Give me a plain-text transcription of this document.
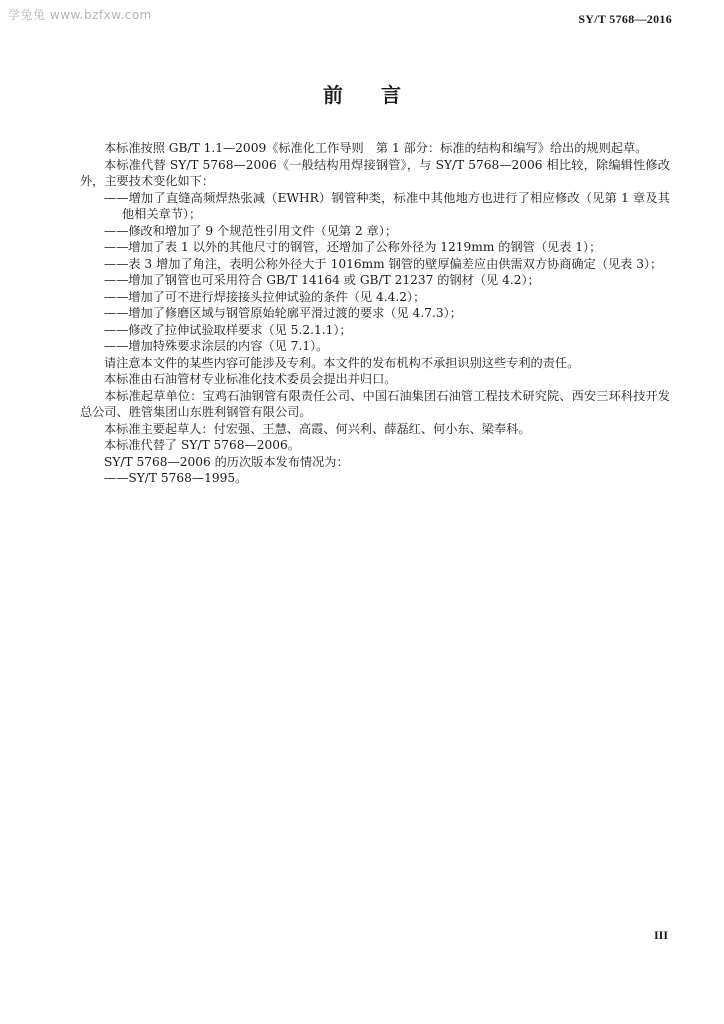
学兔兔 www.bzfxw.com	SY/T 5768—2016
前言

本标准按照 GB/T 1.1—2009《标准化工作导则　第 1 部分：标准的结构和编写》给出的规则起草。

本标准代替 SY/T 5768—2006《一般结构用焊接钢管》，与 SY/T 5768—2006 相比较，除编辑性修改外，主要技术变化如下：

——增加了直缝高频焊热张减（EWHR）钢管种类，标准中其他地方也进行了相应修改（见第 1 章及其他相关章节）；

——修改和增加了 9 个规范性引用文件（见第 2 章）；

——增加了表 1 以外的其他尺寸的钢管，还增加了公称外径为 1219mm 的钢管（见表 1）；

——表 3 增加了角注，表明公称外径大于 1016mm 钢管的壁厚偏差应由供需双方协商确定（见表 3）；

——增加了钢管也可采用符合 GB/T 14164 或 GB/T 21237 的钢材（见 4.2）；

——增加了可不进行焊接接头拉伸试验的条件（见 4.4.2）；

——增加了修磨区域与钢管原始轮廓平滑过渡的要求（见 4.7.3）；

——修改了拉伸试验取样要求（见 5.2.1.1）；

——增加特殊要求涂层的内容（见 7.1）。

请注意本文件的某些内容可能涉及专利。本文件的发布机构不承担识别这些专利的责任。

本标准由石油管材专业标准化技术委员会提出并归口。

本标准起草单位：宝鸡石油钢管有限责任公司、中国石油集团石油管工程技术研究院、西安三环科技开发总公司、胜管集团山东胜利钢管有限公司。

本标准主要起草人：付宏强、王慧、高霞、何兴利、薛磊红、何小东、梁奉科。

本标准代替了 SY/T 5768—2006。

SY/T 5768—2006 的历次版本发布情况为：

——SY/T 5768—1995。

III
